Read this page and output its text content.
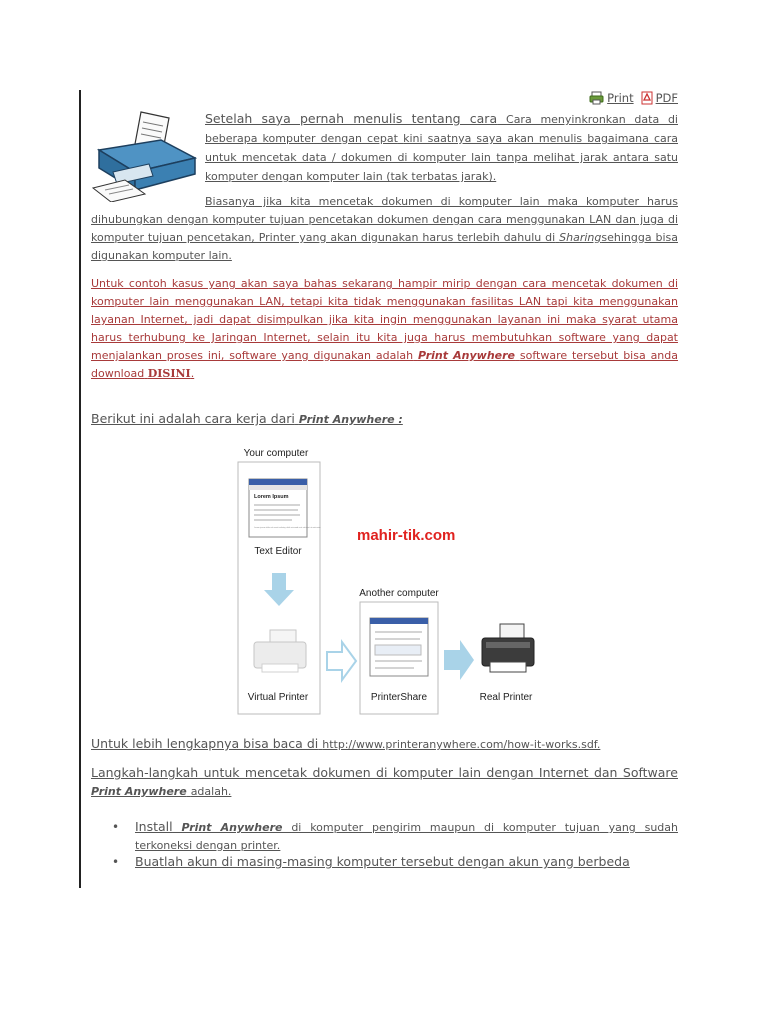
Print PDF
Setelah saya pernah menulis tentang cara Cara menyinkronkan data di beberapa komputer dengan cepat kini saatnya saya akan menulis bagaimana cara untuk mencetak data / dokumen di komputer lain tanpa melihat jarak antara satu komputer dengan komputer lain (tak terbatas jarak).
Biasanya jika kita mencetak dokumen di komputer lain maka komputer harus dihubungkan dengan komputer tujuan pencetakan dokumen dengan cara menggunakan LAN dan juga di komputer tujuan pencetakan, Printer yang akan digunakan harus terlebih dahulu di Sharingsehingga bisa digunakan komputer lain.
Untuk contoh kasus yang akan saya bahas sekarang hampir mirip dengan cara mencetak dokumen di komputer lain menggunakan LAN, tetapi kita tidak menggunakan fasilitas LAN tapi kita menggunakan layanan Internet, jadi dapat disimpulkan jika kita ingin menggunakan layanan ini maka syarat utama harus terhubung ke Jaringan Internet, selain itu kita juga harus membutuhkan software yang dapat menjalankan proses ini, software yang digunakan adalah Print Anywhere software tersebut bisa anda download DISINI.
Berikut ini adalah cara kerja dari Print Anywhere :
Your computer
Lorem Ipsum
Lorem ipsum dolor sit amet industry nibh euismod erat volutpat ut wisi enim
Text Editor
Virtual Printer
mahir-tik.com
Another computer
PrinterShare	Real Printer
Untuk lebih lengkapnya bisa baca di http://www.printeranywhere.com/how-it-works.sdf.
Langkah-langkah untuk mencetak dokumen di komputer lain dengan Internet dan Software Print Anywhere adalah.
• Install Print Anywhere di komputer pengirim maupun di komputer tujuan yang sudah terkoneksi dengan printer.
• Buatlah akun di masing-masing komputer tersebut dengan akun yang berbeda
